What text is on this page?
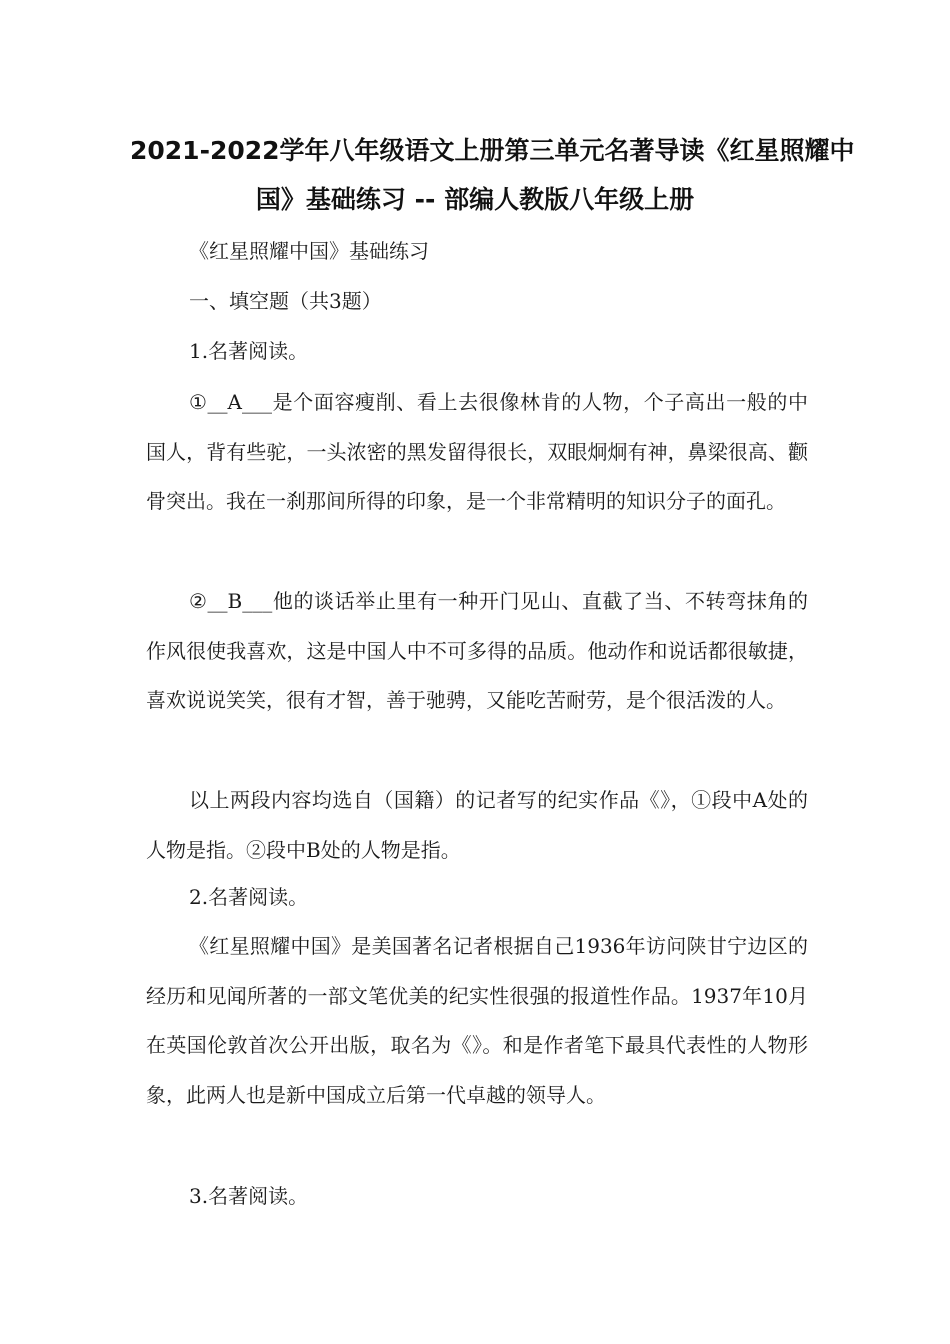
2021-2022学年八年级语文上册第三单元名著导读《红星照耀中
国》基础练习 -- 部编人教版八年级上册
《红星照耀中国》基础练习
一、填空题（共3题）
1.名著阅读。
①__A___是个面容瘦削、看上去很像林肯的人物，个子高出一般的中国人，背有些驼，一头浓密的黑发留得很长，双眼炯炯有神，鼻梁很高、颧骨突出。我在一刹那间所得的印象，是一个非常精明的知识分子的面孔。
②__B___他的谈话举止里有一种开门见山、直截了当、不转弯抹角的作风很使我喜欢，这是中国人中不可多得的品质。他动作和说话都很敏捷，喜欢说说笑笑，很有才智，善于驰骋，又能吃苦耐劳，是个很活泼的人。
以上两段内容均选自（国籍）的记者写的纪实作品《》，①段中A处的人物是指。②段中B处的人物是指。
2.名著阅读。
《红星照耀中国》是美国著名记者根据自己1936年访问陕甘宁边区的经历和见闻所著的一部文笔优美的纪实性很强的报道性作品。1937年10月在英国伦敦首次公开出版，取名为《》。和是作者笔下最具代表性的人物形象，此两人也是新中国成立后第一代卓越的领导人。
3.名著阅读。
